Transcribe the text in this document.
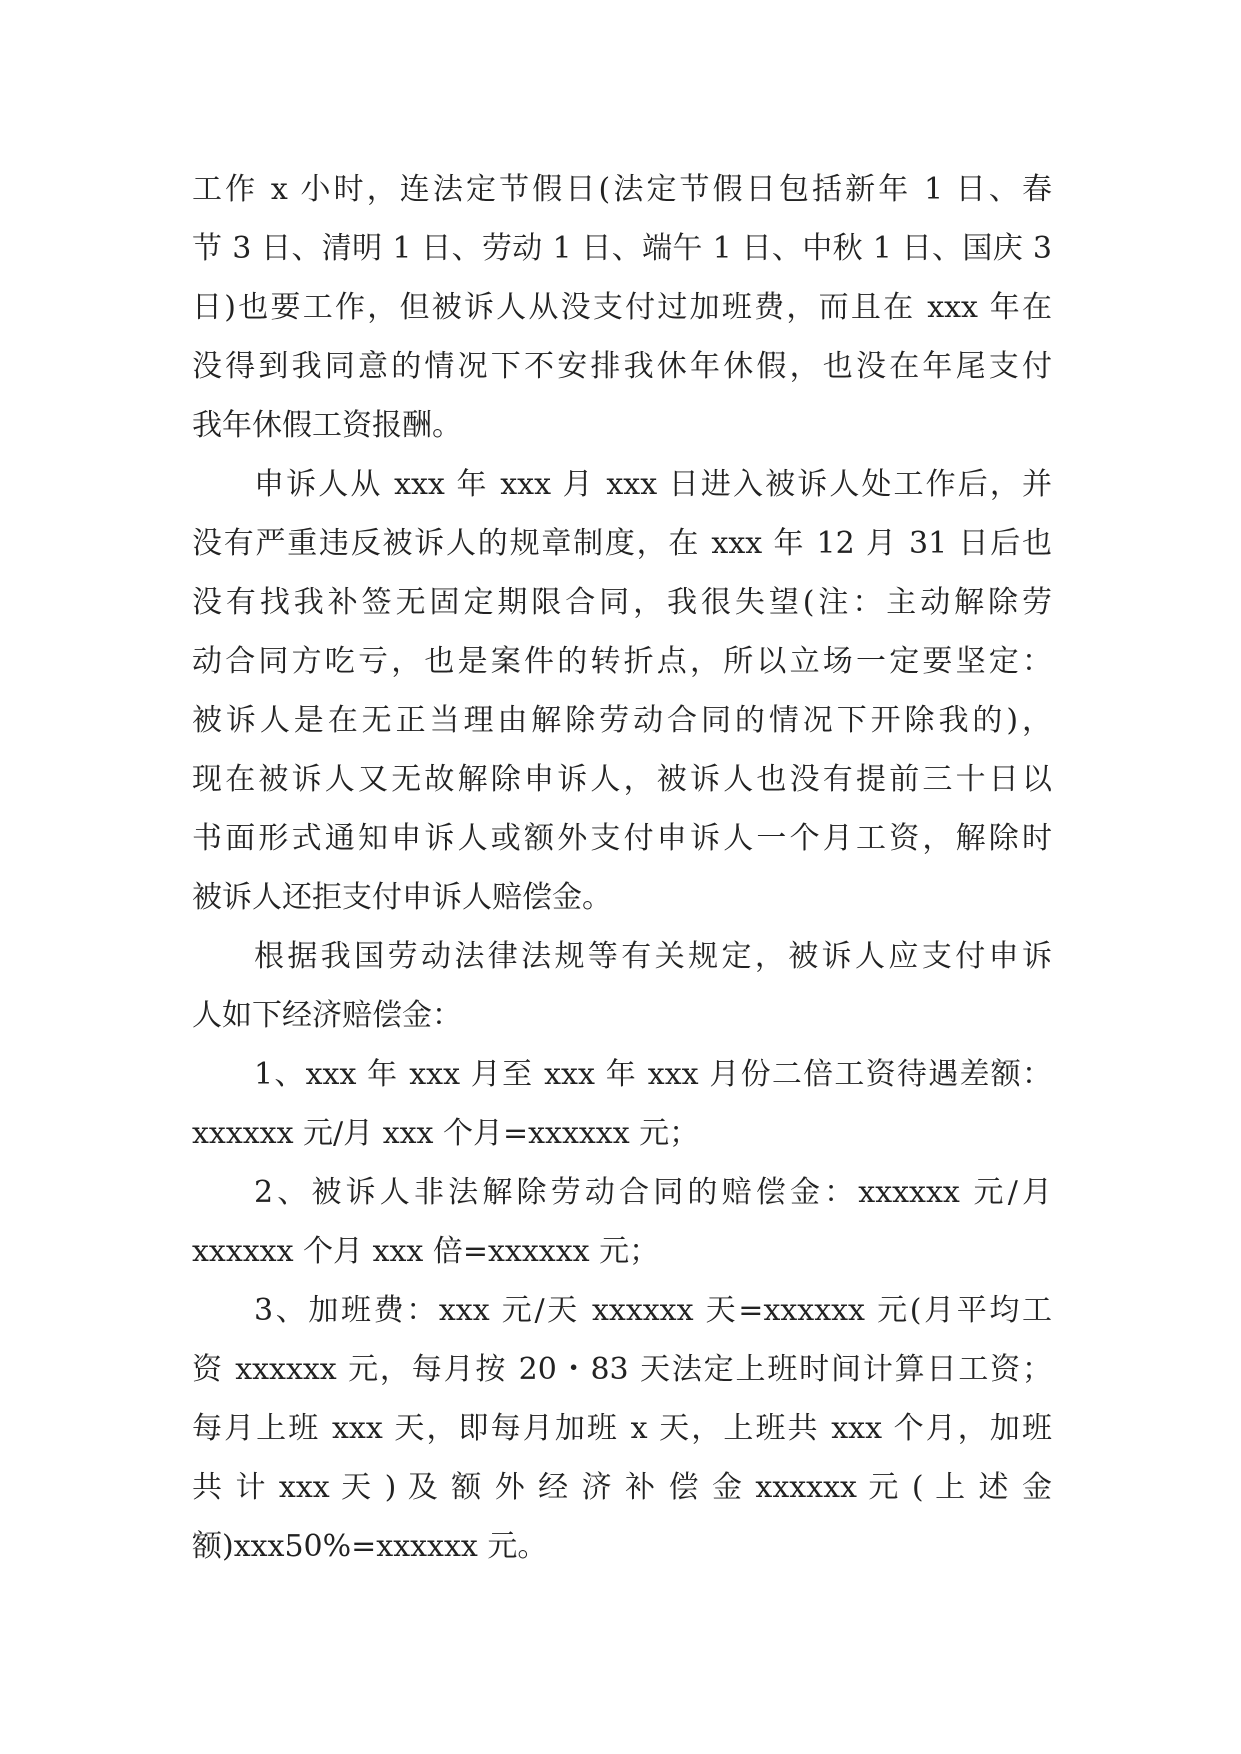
工作 x 小时，连法定节假日(法定节假日包括新年 1 日、春
节 3 日、清明 1 日、劳动 1 日、端午 1 日、中秋 1 日、国庆 3
日)也要工作，但被诉人从没支付过加班费，而且在 xxx 年在
没得到我同意的情况下不安排我休年休假，也没在年尾支付
我年休假工资报酬。
申诉人从 xxx 年 xxx 月 xxx 日进入被诉人处工作后，并
没有严重违反被诉人的规章制度，在 xxx 年 12 月 31 日后也
没有找我补签无固定期限合同，我很失望(注：主动解除劳
动合同方吃亏，也是案件的转折点，所以立场一定要坚定：
被诉人是在无正当理由解除劳动合同的情况下开除我的)，
现在被诉人又无故解除申诉人，被诉人也没有提前三十日以
书面形式通知申诉人或额外支付申诉人一个月工资，解除时
被诉人还拒支付申诉人赔偿金。
根据我国劳动法律法规等有关规定，被诉人应支付申诉
人如下经济赔偿金：
1、xxx 年 xxx 月至 xxx 年 xxx 月份二倍工资待遇差额：
xxxxxx 元/月 xxx 个月=xxxxxx 元；
2、被诉人非法解除劳动合同的赔偿金：xxxxxx 元/月
xxxxxx 个月 xxx 倍=xxxxxx 元；
3、加班费：xxx 元/天 xxxxxx 天=xxxxxx 元(月平均工
资 xxxxxx 元，每月按 20・83 天法定上班时间计算日工资；
每月上班 xxx 天，即每月加班 x 天，上班共 xxx 个月，加班
共 计 xxx 天 ) 及 额 外 经 济 补 偿 金 xxxxxx 元 ( 上 述 金
额)xxx50%=xxxxxx 元。
